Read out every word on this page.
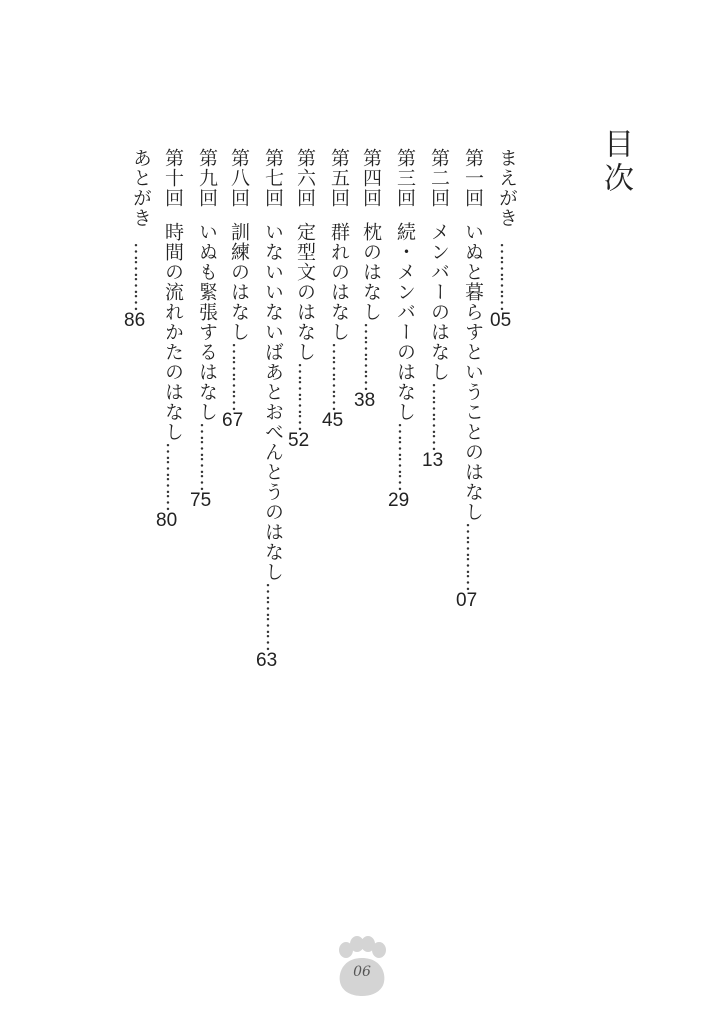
目次
まえがき…………05
第一回いぬと暮らすということのはなし…………07
第二回メンバーのはなし…………13
第三回続・メンバーのはなし…………29
第四回枕のはなし…………38
第五回群れのはなし…………45
第六回定型文のはなし…………52
第七回いないいないばあとおべんとうのはなし…………63
第八回訓練のはなし…………67
第九回いぬも緊張するはなし…………75
第十回時間の流れかたのはなし…………80
あとがき…………86
06
